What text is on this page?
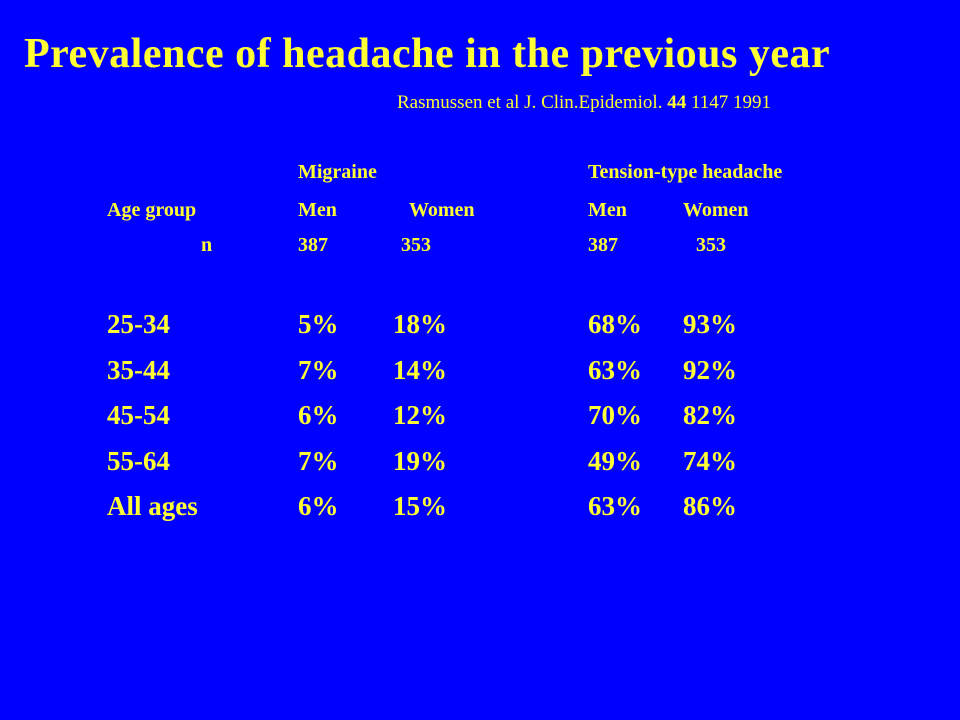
Prevalence of headache in the previous year
Rasmussen et al J. Clin.Epidemiol. 44 1147 1991
Migraine	Tension-type headache
Age group	Men	Women	Men	Women
n	387	353	387	353
25-34	5% 18%	68% 93%
35-44	7% 14%	63% 92%
45-54	6% 12%	70% 82%
55-64	7% 19%	49% 74%
All ages	6% 15%	63% 86%
